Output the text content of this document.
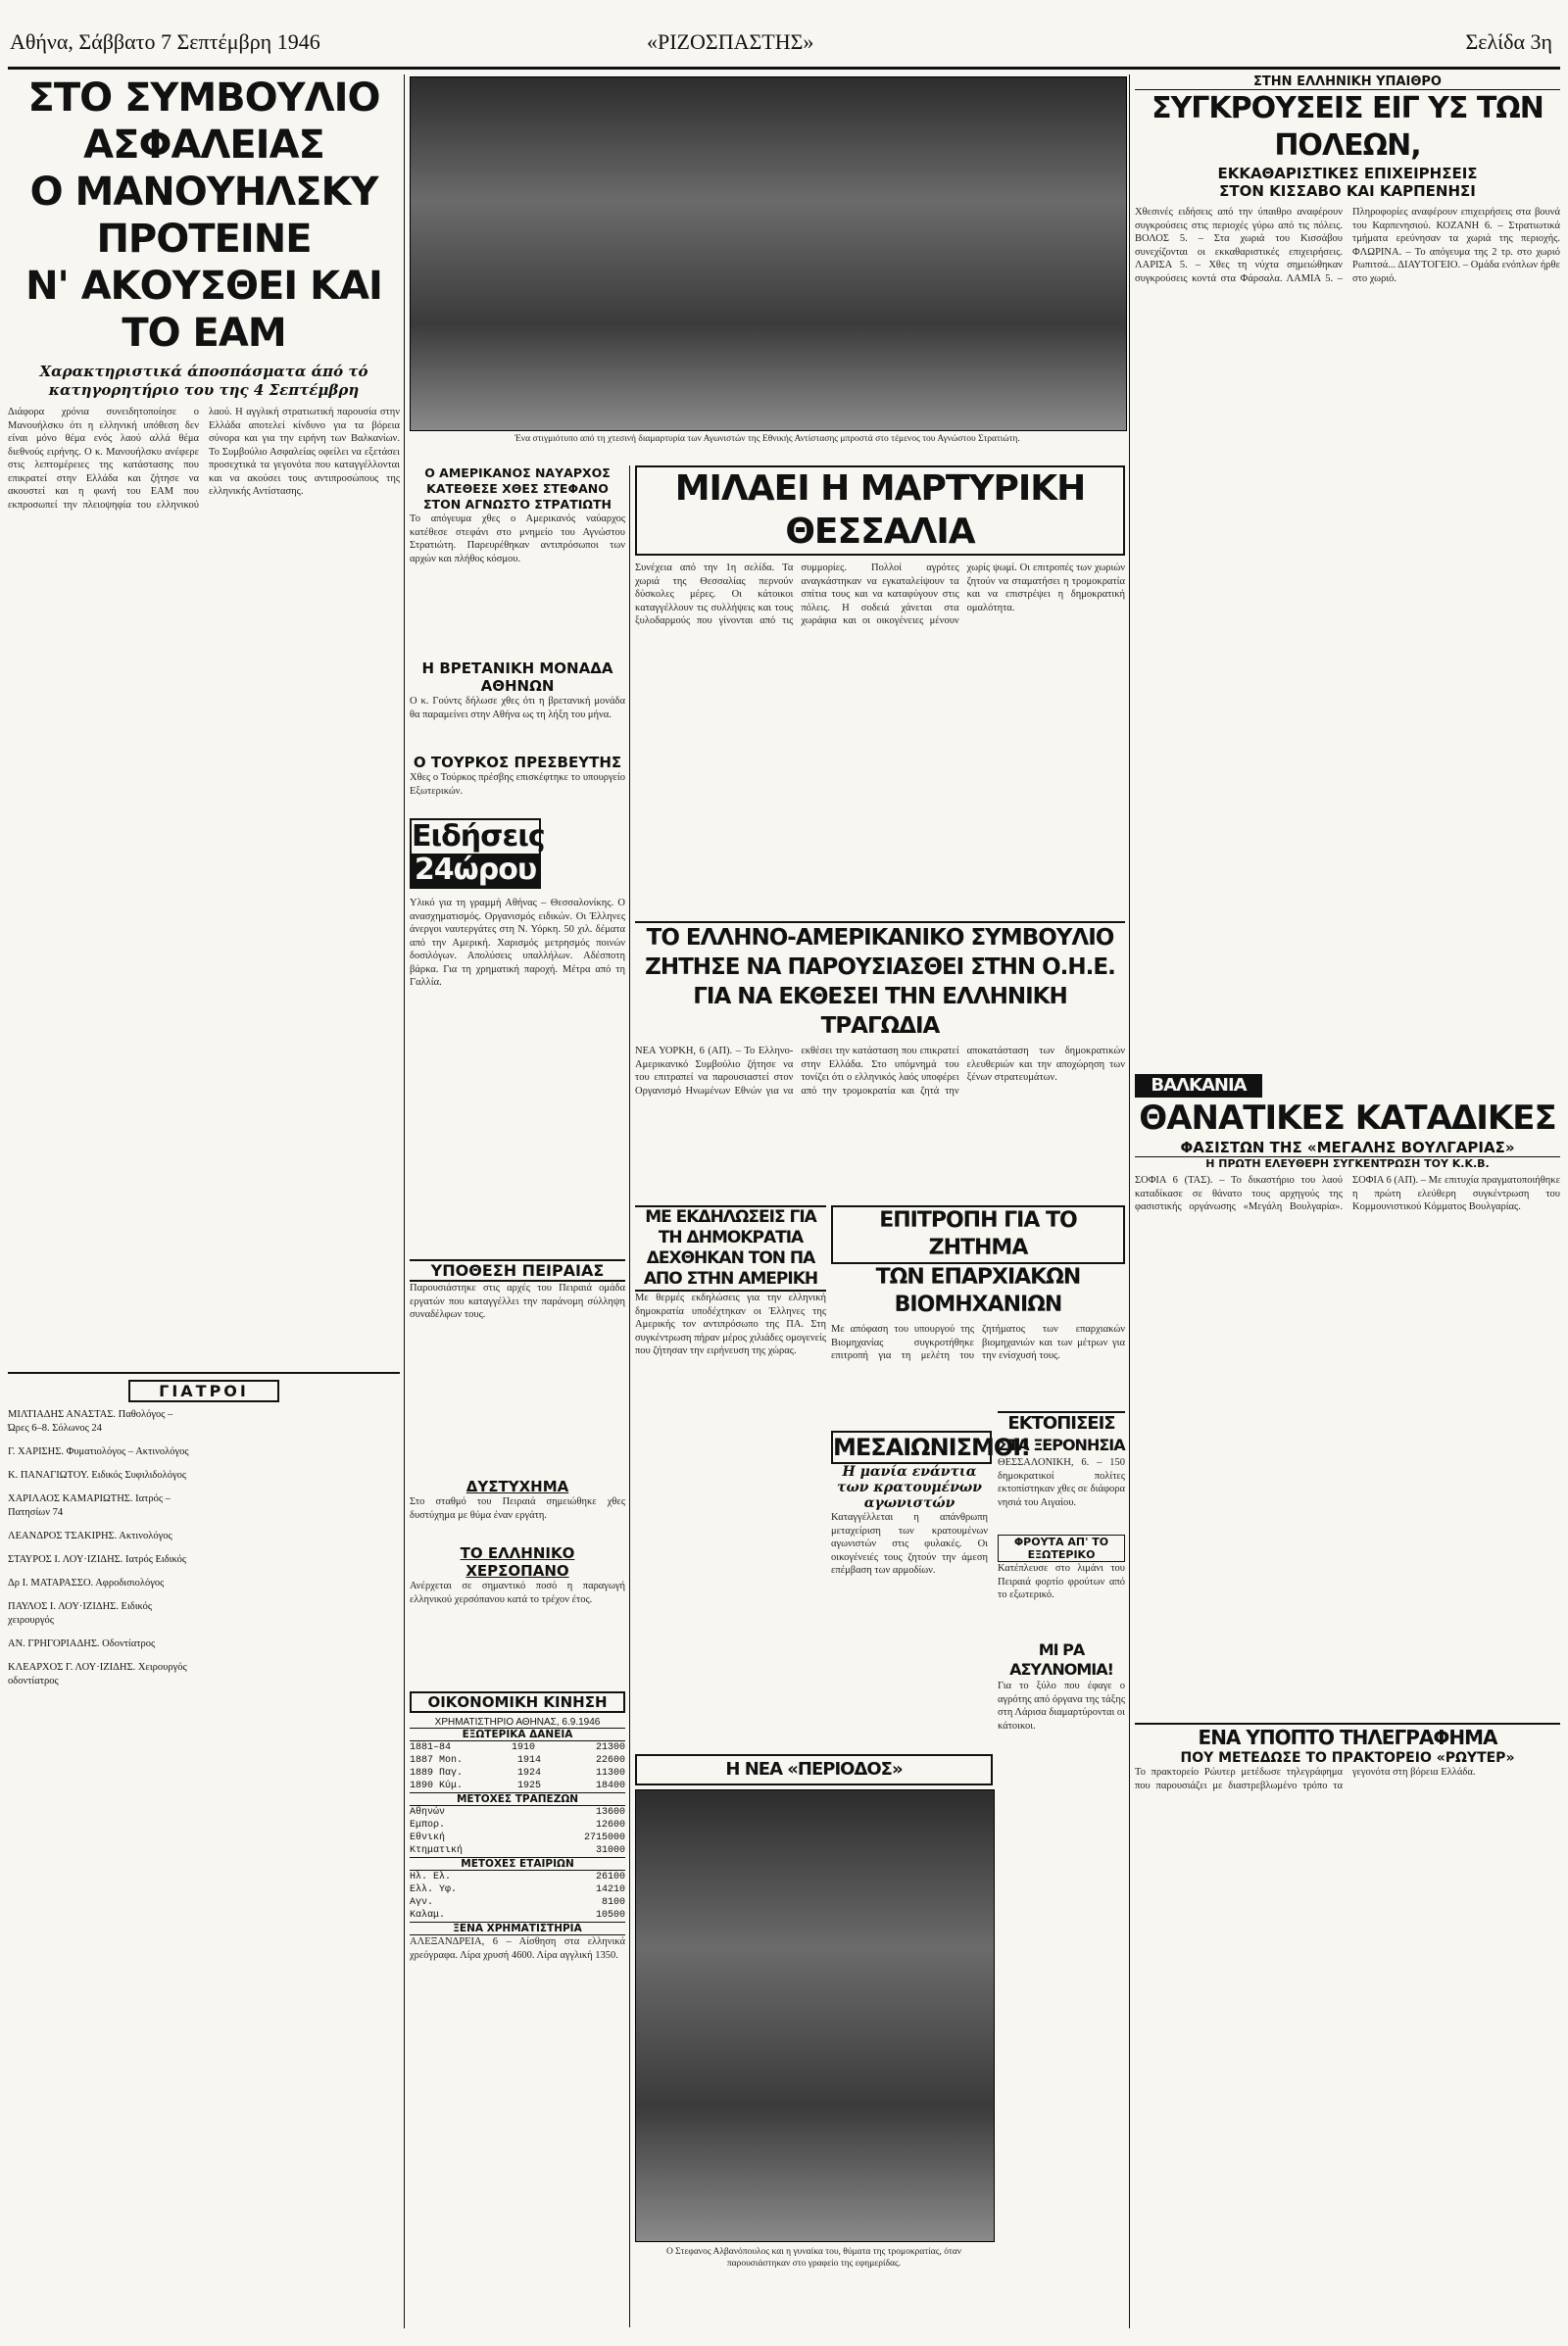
Αθήνα, Σάββατο 7 Σεπτέμβρη 1946	«ΡΙΖΟΣΠΑΣΤΗΣ»	Σελίδα 3η
ΣΤΟ ΣΥΜΒΟΥΛΙΟ ΑΣΦΑΛΕΙΑΣ
Ο ΜΑΝΟΥΗΛΣΚΥ ΠΡΟΤΕΙΝΕ
Ν' ΑΚΟΥΣΘΕΙ ΚΑΙ ΤΟ ΕΑΜ
Χαρακτηριστικά άποσπάσματα άπό τό κατηγορητήριο του της 4 Σεπτέμβρη
Διάφορα χρόνια συνειδητοποίησε ο Μανουήλσκυ ότι η ελληνική υπόθεση δεν είναι μόνο θέμα ενός λαού αλλά θέμα διεθνούς ειρήνης. Ο κ. Μανουήλσκυ ανέφερε στις λεπτομέρειες της κατάστασης που επικρατεί στην Ελλάδα και ζήτησε να ακουστεί και η φωνή του ΕΑΜ που εκπροσωπεί την πλειοψηφία του ελληνικού λαού. Η αγγλική στρατιωτική παρουσία στην Ελλάδα αποτελεί κίνδυνο για τα βόρεια σύνορα και για την ειρήνη των Βαλκανίων. Το Συμβούλιο Ασφαλείας οφείλει να εξετάσει προσεχτικά τα γεγονότα που καταγγέλλονται και να ακούσει τους αντιπροσώπους της ελληνικής Αντίστασης.
ΓΙΑΤΡΟΙ
ΜΙΛΤΙΑΔΗΣ ΑΝΑΣΤΑΣ. Παθολόγος – Ώρες 6–8. Σόλωνος 24
Γ. ΧΑΡΙΣΗΣ. Φυματιολόγος – Ακτινολόγος
Κ. ΠΑΝΑΓΙΩΤΟΥ. Ειδικός Συφιλιδολόγος
ΧΑΡΙΛΑΟΣ ΚΑΜΑΡΙΩΤΗΣ. Ιατρός – Πατησίων 74
ΛΕΑΝΔΡΟΣ ΤΣΑΚΙΡΗΣ. Ακτινολόγος
ΣΤΑΥΡΟΣ Ι. ΛΟΥ·ΙΖΙΔΗΣ. Ιατρός Ειδικός
Δρ Ι. ΜΑΤΑΡΑΣΣΟ. Αφροδισιολόγος
ΠΑΥΛΟΣ Ι. ΛΟΥ·ΙΖΙΔΗΣ. Ειδικός χειρουργός
ΑΝ. ΓΡΗΓΟΡΙΑΔΗΣ. Οδοντίατρος
ΚΛΕΑΡΧΟΣ Γ. ΛΟΥ·ΙΖΙΔΗΣ. Χειρουργός οδοντίατρος
Ένα στιγμιότυπο από τη χτεσινή διαμαρτυρία των Αγωνιστών της Εθνικής Αντίστασης μπροστά στο τέμενος του Αγνώστου Στρατιώτη.
Ο ΑΜΕΡΙΚΑΝΟΣ ΝΑΥΑΡΧΟΣ ΚΑΤΕΘΕΣΕ ΧΘΕΣ ΣΤΕΦΑΝΟ ΣΤΟΝ ΑΓΝΩΣΤΟ ΣΤΡΑΤΙΩΤΗ
Το απόγευμα χθες ο Αμερικανός ναύαρχος κατέθεσε στεφάνι στο μνημείο του Αγνώστου Στρατιώτη. Παρευρέθηκαν αντιπρόσωποι των αρχών και πλήθος κόσμου.
Η ΒΡΕΤΑΝΙΚΗ ΜΟΝΑΔΑ ΑΘΗΝΩΝ
Ο κ. Γούντς δήλωσε χθες ότι η βρετανική μονάδα θα παραμείνει στην Αθήνα ως τη λήξη του μήνα.
Ο ΤΟΥΡΚΟΣ ΠΡΕΣΒΕΥΤΗΣ
Χθες ο Τούρκος πρέσβης επισκέφτηκε το υπουργείο Εξωτερικών.
Ειδήσεις
24ώρου
Υλικό για τη γραμμή Αθήνας – Θεσσαλονίκης. Ο ανασχηματισμός. Οργανισμός ειδικών. Οι Έλληνες άνεργοι ναυτεργάτες στη Ν. Υόρκη. 50 χιλ. δέματα από την Αμερική. Χαρισμός μετρησμός ποινών δοσιλόγων. Απολύσεις υπαλλήλων. Αδέσποτη βάρκα. Για τη χρηματική παροχή. Μέτρα από τη Γαλλία.
ΥΠΟΘΕΣΗ ΠΕΙΡΑΙΑΣ
Παρουσιάστηκε στις αρχές του Πειραιά ομάδα εργατών που καταγγέλλει την παράνομη σύλληψη συναδέλφων τους.
ΔΥΣΤΥΧΗΜΑ
Στο σταθμό του Πειραιά σημειώθηκε χθες δυστύχημα με θύμα έναν εργάτη.
ΤΟ ΕΛΛΗΝΙΚΟ ΧΕΡΣΟΠΑΝΟ
Ανέρχεται σε σημαντικό ποσό η παραγωγή ελληνικού χερσόπανου κατά το τρέχον έτος.
ΟΙΚΟΝΟΜΙΚΗ ΚΙΝΗΣΗ
ΧΡΗΜΑΤΙΣΤΗΡΙΟ ΑΘΗΝΑΣ, 6.9.1946
ΕΞΩΤΕΡΙΚΑ ΔΑΝΕΙΑ
1881–84	1910	21300
1887 Mon.	1914	22600
1889 Παγ.	1924	11300
1890 Κύμ.	1925	18400
ΜΕΤΟΧΕΣ ΤΡΑΠΕΖΩΝ
Αθηνών	13600
Εμπορ.	12600
Εθνική	2715000
Κτηματική	31000
ΜΕΤΟΧΕΣ ΕΤΑΙΡΙΩΝ
Ηλ. Ελ.	26100
Ελλ. Υφ.	14210
Αγν.	8100
Καλαμ.	10500
ΞΕΝΑ ΧΡΗΜΑΤΙΣΤΗΡΙΑ
ΑΛΕΞΑΝΔΡΕΙΑ, 6 – Αίσθηση στα ελληνικά χρεόγραφα. Λίρα χρυσή 4600. Λίρα αγγλική 1350.
ΜΙΛΑΕΙ Η ΜΑΡΤΥΡΙΚΗ ΘΕΣΣΑΛΙΑ
Συνέχεια από την 1η σελίδα. Τα χωριά της Θεσσαλίας περνούν δύσκολες μέρες. Οι κάτοικοι καταγγέλλουν τις συλλήψεις και τους ξυλοδαρμούς που γίνονται από τις συμμορίες. Πολλοί αγρότες αναγκάστηκαν να εγκαταλείψουν τα σπίτια τους και να καταφύγουν στις πόλεις. Η σοδειά χάνεται στα χωράφια και οι οικογένειες μένουν χωρίς ψωμί. Οι επιτροπές των χωριών ζητούν να σταματήσει η τρομοκρατία και να επιστρέψει η δημοκρατική ομαλότητα.
ΤΟ ΕΛΛΗΝΟ-ΑΜΕΡΙΚΑΝΙΚΟ ΣΥΜΒΟΥΛΙΟ
ΖΗΤΗΣΕ ΝΑ ΠΑΡΟΥΣΙΑΣΘΕΙ ΣΤΗΝ Ο.Η.Ε.
ΓΙΑ ΝΑ ΕΚΘΕΣΕΙ ΤΗΝ ΕΛΛΗΝΙΚΗ ΤΡΑΓΩΔΙΑ
ΝΕΑ ΥΟΡΚΗ, 6 (ΑΠ). – Το Ελληνο-Αμερικανικό Συμβούλιο ζήτησε να του επιτραπεί να παρουσιαστεί στον Οργανισμό Ηνωμένων Εθνών για να εκθέσει την κατάσταση που επικρατεί στην Ελλάδα. Στο υπόμνημά του τονίζει ότι ο ελληνικός λαός υποφέρει από την τρομοκρατία και ζητά την αποκατάσταση των δημοκρατικών ελευθεριών και την αποχώρηση των ξένων στρατευμάτων.
ΜΕ ΕΚΔΗΛΩΣΕΙΣ ΓΙΑ ΤΗ ΔΗΜΟΚΡΑΤΙΑ ΔΕΧΘΗΚΑΝ ΤΟΝ ΠΑ ΑΠΟ ΣΤΗΝ ΑΜΕΡΙΚΗ
Με θερμές εκδηλώσεις για την ελληνική δημοκρατία υποδέχτηκαν οι Έλληνες της Αμερικής τον αντιπρόσωπο της ΠΑ. Στη συγκέντρωση πήραν μέρος χιλιάδες ομογενείς που ζήτησαν την ειρήνευση της χώρας.
ΕΠΙΤΡΟΠΗ ΓΙΑ ΤΟ ΖΗΤΗΜΑ
ΤΩΝ ΕΠΑΡΧΙΑΚΩΝ ΒΙΟΜΗΧΑΝΙΩΝ
Με απόφαση του υπουργού της Βιομηχανίας συγκροτήθηκε επιτροπή για τη μελέτη του ζητήματος των επαρχιακών βιομηχανιών και των μέτρων για την ενίσχυσή τους.
ΜΕΣΑΙΩΝΙΣΜΟΙ!
Η μανία ενάντια των κρατουμένων αγωνιστών
Καταγγέλλεται η απάνθρωπη μεταχείριση των κρατουμένων αγωνιστών στις φυλακές. Οι οικογένειές τους ζητούν την άμεση επέμβαση των αρμοδίων.
ΕΚΤΟΠΙΣΕΙΣ
ΣΤΑ ΞΕΡΟΝΗΣΙΑ
ΘΕΣΣΑΛΟΝΙΚΗ, 6. – 150 δημοκρατικοί πολίτες εκτοπίστηκαν χθες σε διάφορα νησιά του Αιγαίου.
ΦΡΟΥΤΑ ΑΠ' ΤΟ ΕΞΩΤΕΡΙΚΟ
Κατέπλευσε στο λιμάνι του Πειραιά φορτίο φρούτων από το εξωτερικό.
ΜΙ ΡΑ ΑΣΥΛΝΟΜΙΑ!
Για το ξύλο που έφαγε ο αγρότης από όργανα της τάξης στη Λάρισα διαμαρτύρονται οι κάτοικοι.
Η ΝΕΑ «ΠΕΡΙΟΔΟΣ»
Ο Στεφανος Αλβανόπουλος και η γυναίκα του, θύματα της τρομοκρατίας, όταν παρουσιάστηκαν στο γραφείο της εφημερίδας.
ΣΤΗΝ ΕΛΛΗΝΙΚΗ ΥΠΑΙΘΡΟ
ΣΥΓΚΡΟΥΣΕΙΣ ΕΙΓ ΥΣ ΤΩΝ ΠΟΛΕΩΝ,
ΕΚΚΑΘΑΡΙΣΤΙΚΕΣ ΕΠΙΧΕΙΡΗΣΕΙΣ
ΣΤΟΝ ΚΙΣΣΑΒΟ ΚΑΙ ΚΑΡΠΕΝΗΣΙ
Χθεσινές ειδήσεις από την ύπαιθρο αναφέρουν συγκρούσεις στις περιοχές γύρω από τις πόλεις. ΒΟΛΟΣ 5. – Στα χωριά του Κισσάβου συνεχίζονται οι εκκαθαριστικές επιχειρήσεις. ΛΑΡΙΣΑ 5. – Χθες τη νύχτα σημειώθηκαν συγκρούσεις κοντά στα Φάρσαλα. ΛΑΜΙΑ 5. – Πληροφορίες αναφέρουν επιχειρήσεις στα βουνά του Καρπενησιού. ΚΟΖΑΝΗ 6. – Στρατιωτικά τμήματα ερεύνησαν τα χωριά της περιοχής. ΦΛΩΡΙΝΑ. – Το απόγευμα της 2 τρ. στο χωριό Ρωπιτσά... ΔΙΑΥΤΟΓΕΙΟ. – Ομάδα ενόπλων ήρθε στο χωριό.
ΒΑΛΚΑΝΙΑ
ΘΑΝΑΤΙΚΕΣ ΚΑΤΑΔΙΚΕΣ
ΦΑΣΙΣΤΩΝ ΤΗΣ «ΜΕΓΑΛΗΣ ΒΟΥΛΓΑΡΙΑΣ»
Η ΠΡΩΤΗ ΕΛΕΥΘΕΡΗ ΣΥΓΚΕΝΤΡΩΣΗ ΤΟΥ Κ.Κ.Β.
ΣΟΦΙΑ 6 (ΤΑΣ). – Το δικαστήριο του λαού καταδίκασε σε θάνατο τους αρχηγούς της φασιστικής οργάνωσης «Μεγάλη Βουλγαρία». ΣΟΦΙΑ 6 (ΑΠ). – Με επιτυχία πραγματοποιήθηκε η πρώτη ελεύθερη συγκέντρωση του Κομμουνιστικού Κόμματος Βουλγαρίας.
ΕΝΑ ΥΠΟΠΤΟ ΤΗΛΕΓΡΑΦΗΜΑ
ΠΟΥ ΜΕΤΕΔΩΣΕ ΤΟ ΠΡΑΚΤΟΡΕΙΟ «ΡΩΥΤΕΡ»
Το πρακτορείο Ρώυτερ μετέδωσε τηλεγράφημα που παρουσιάζει με διαστρεβλωμένο τρόπο τα γεγονότα στη βόρεια Ελλάδα.
